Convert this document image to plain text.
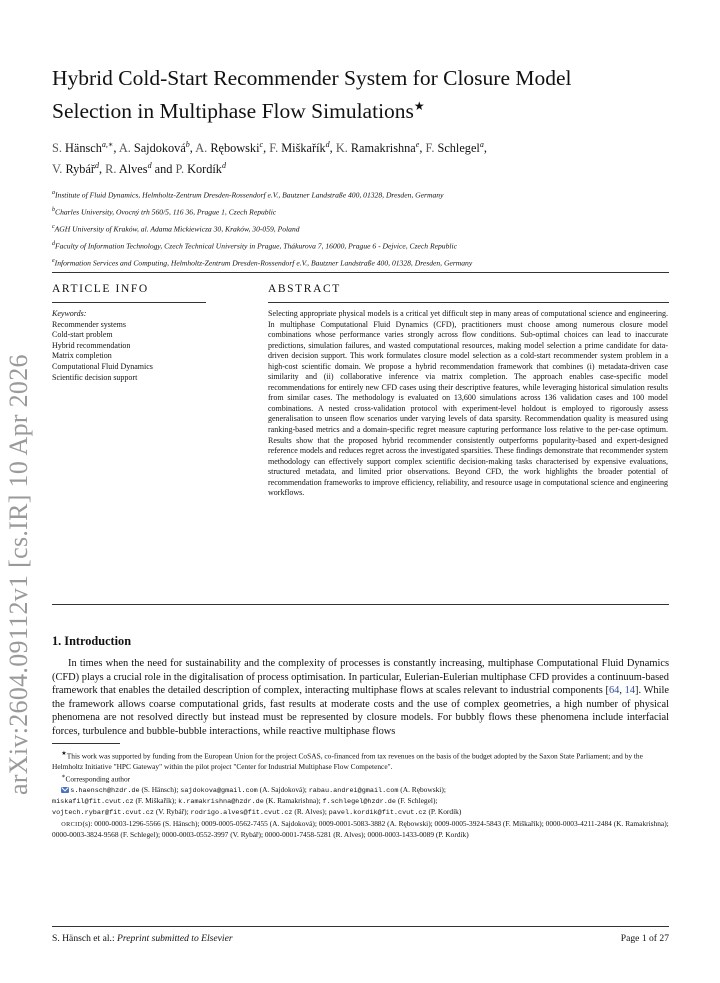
arXiv:2604.09112v1 [cs.IR] 10 Apr 2026
Hybrid Cold-Start Recommender System for Closure Model
Selection in Multiphase Flow Simulations★
S. Hänsch$^{a,∗}$, A. Sajdoková$^b$, A. Rębowski$^c$, F. Miškařík$^d$, K. Ramakrishna$^e$, F. Schlegel$^a$,
V. Rybář$^d$, R. Alves$^d$ and P. Kordík$^d$
$^a$Institute of Fluid Dynamics, Helmholtz-Zentrum Dresden-Rossendorf e.V., Bautzner Landstraße 400, 01328, Dresden, Germany
$^b$Charles University, Ovocný trh 560/5, 116 36, Prague 1, Czech Republic
$^c$AGH University of Kraków, al. Adama Mickiewicza 30, Kraków, 30-059, Poland
$^d$Faculty of Information Technology, Czech Technical University in Prague, Thákurova 7, 16000, Prague 6 - Dejvice, Czech Republic
$^e$Information Services and Computing, Helmholtz-Zentrum Dresden-Rossendorf e.V., Bautzner Landstraße 400, 01328, Dresden, Germany
ARTICLE INFO	ABSTRACT
Keywords:
Recommender systems
Cold-start problem
Hybrid recommendation
Matrix completion
Computational Fluid Dynamics
Scientific decision support
Selecting appropriate physical models is a critical yet difficult step in many areas of computational science and engineering. In multiphase Computational Fluid Dynamics (CFD), practitioners must choose among numerous closure model combinations whose performance varies strongly across flow conditions. Sub-optimal choices can lead to inaccurate predictions, simulation failures, and wasted computational resources, making model selection a prime candidate for data-driven decision support. This work formulates closure model selection as a cold-start recommender system problem in a high-cost scientific domain. We propose a hybrid recommendation framework that combines (i) metadata-driven case similarity and (ii) collaborative inference via matrix completion. The approach enables case-specific model recommendations for entirely new CFD cases using their descriptive features, while leveraging historical simulation results from similar cases. The methodology is evaluated on 13,600 simulations across 136 validation cases and 100 model combinations. A nested cross-validation protocol with experiment-level holdout is employed to rigorously assess generalisation to unseen flow scenarios under varying levels of data sparsity. Recommendation quality is measured using ranking-based metrics and a domain-specific regret measure capturing performance loss relative to the per-case optimum. Results show that the proposed hybrid recommender consistently outperforms popularity-based and expert-designed reference models and reduces regret across the investigated sparsities. These findings demonstrate that recommender system methodology can effectively support complex scientific decision-making tasks characterised by expensive evaluations, structured metadata, and limited prior observations. Beyond CFD, the work highlights the broader potential of recommendation frameworks to improve efficiency, reliability, and resource usage in computational science and engineering workflows.
1. Introduction
In times when the need for sustainability and the complexity of processes is constantly increasing, multiphase Computational Fluid Dynamics (CFD) plays a crucial role in the digitalisation of process optimisation. In particular, Eulerian-Eulerian multiphase CFD provides a continuum-based framework that enables the detailed description of complex, interacting multiphase flows at scales relevant to industrial components [64, 14]. While the framework allows coarse computational grids, fast results at moderate costs and the use of complex geometries, a high number of physical phenomena are not resolved directly but instead must be represented by closure models. For bubbly flows these phenomena include interfacial forces, turbulence and bubble-bubble interactions, while reactive multiphase flows

★This work was supported by funding from the European Union for the project CoSAS, co-financed from tax revenues on the basis of the budget adopted by the Saxon State Parliament; and by the Helmholtz Initiative "HPC Gateway" within the pilot project "Center for Industrial Multiphase Flow Competence".

∗Corresponding author

s.haensch@hzdr.de (S. Hänsch); sajdokova@gmail.com (A. Sajdoková); rabau.andrei@gmail.com (A. Rębowski);
miskafil@fit.cvut.cz (F. Miškařík); k.ramakrishna@hzdr.de (K. Ramakrishna); f.schlegel@hzdr.de (F. Schlegel);
vojtech.rybar@fit.cvut.cz (V. Rybář); rodrigo.alves@fit.cvut.cz (R. Alves); pavel.kordik@fit.cvut.cz (P. Kordík)

ORCID(s): 0000-0003-1296-5566 (S. Hänsch); 0009-0005-0562-7455 (A. Sajdoková); 0009-0001-5083-3882 (A. Rębowski); 0009-0005-3924-5843 (F. Miškařík); 0000-0003-4211-2484 (K. Ramakrishna); 0000-0003-3824-9568 (F. Schlegel); 0000-0003-0552-3997 (V. Rybář); 0000-0001-7458-5281 (R. Alves); 0000-0003-1433-0089 (P. Kordík)

S. Hänsch et al.: Preprint submitted to Elsevier	Page 1 of 27
